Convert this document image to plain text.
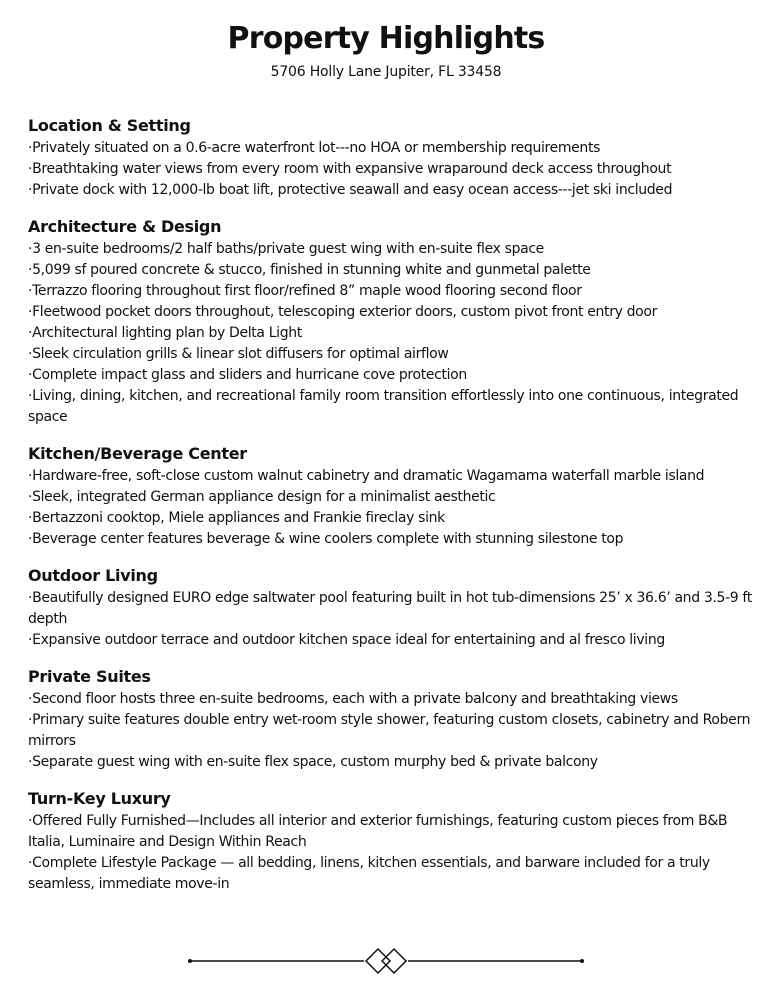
Property Highlights
5706 Holly Lane Jupiter, FL 33458
Location & Setting

· Privately situated on a 0.6-acre waterfront lot---no HOA or membership requirements

· Breathtaking water views from every room with expansive wraparound deck access throughout

· Private dock with 12,000-lb boat lift, protective seawall and easy ocean access---jet ski included

Architecture & Design

· 3 en-suite bedrooms/2 half baths/private guest wing with en-suite flex space

· 5,099 sf poured concrete & stucco, finished in stunning white and gunmetal palette

· Terrazzo flooring throughout first floor/refined 8” maple wood flooring second floor

· Fleetwood pocket doors throughout, telescoping exterior doors, custom pivot front entry door

· Architectural lighting plan by Delta Light

· Sleek circulation grills & linear slot diffusers for optimal airflow

· Complete impact glass and sliders and hurricane cove protection

· Living, dining, kitchen, and recreational family room transition effortlessly into one continuous, integrated space

Kitchen/Beverage Center

· Hardware-free, soft-close custom walnut cabinetry and dramatic Wagamama waterfall marble island

· Sleek, integrated German appliance design for a minimalist aesthetic

· Bertazzoni cooktop, Miele appliances and Frankie fireclay sink

· Beverage center features beverage & wine coolers complete with stunning silestone top

Outdoor Living

· Beautifully designed EURO edge saltwater pool featuring built in hot tub-dimensions 25’ x 36.6’ and 3.5-9 ft depth

· Expansive outdoor terrace and outdoor kitchen space ideal for entertaining and al fresco living

Private Suites

· Second floor hosts three en-suite bedrooms, each with a private balcony and breathtaking views

· Primary suite features double entry wet-room style shower, featuring custom closets, cabinetry and Robern mirrors

· Separate guest wing with en-suite flex space, custom murphy bed & private balcony

Turn-Key Luxury

· Offered Fully Furnished—Includes all interior and exterior furnishings, featuring custom pieces from B&B Italia, Luminaire and Design Within Reach

· Complete Lifestyle Package — all bedding, linens, kitchen essentials, and barware included for a truly seamless, immediate move-in
